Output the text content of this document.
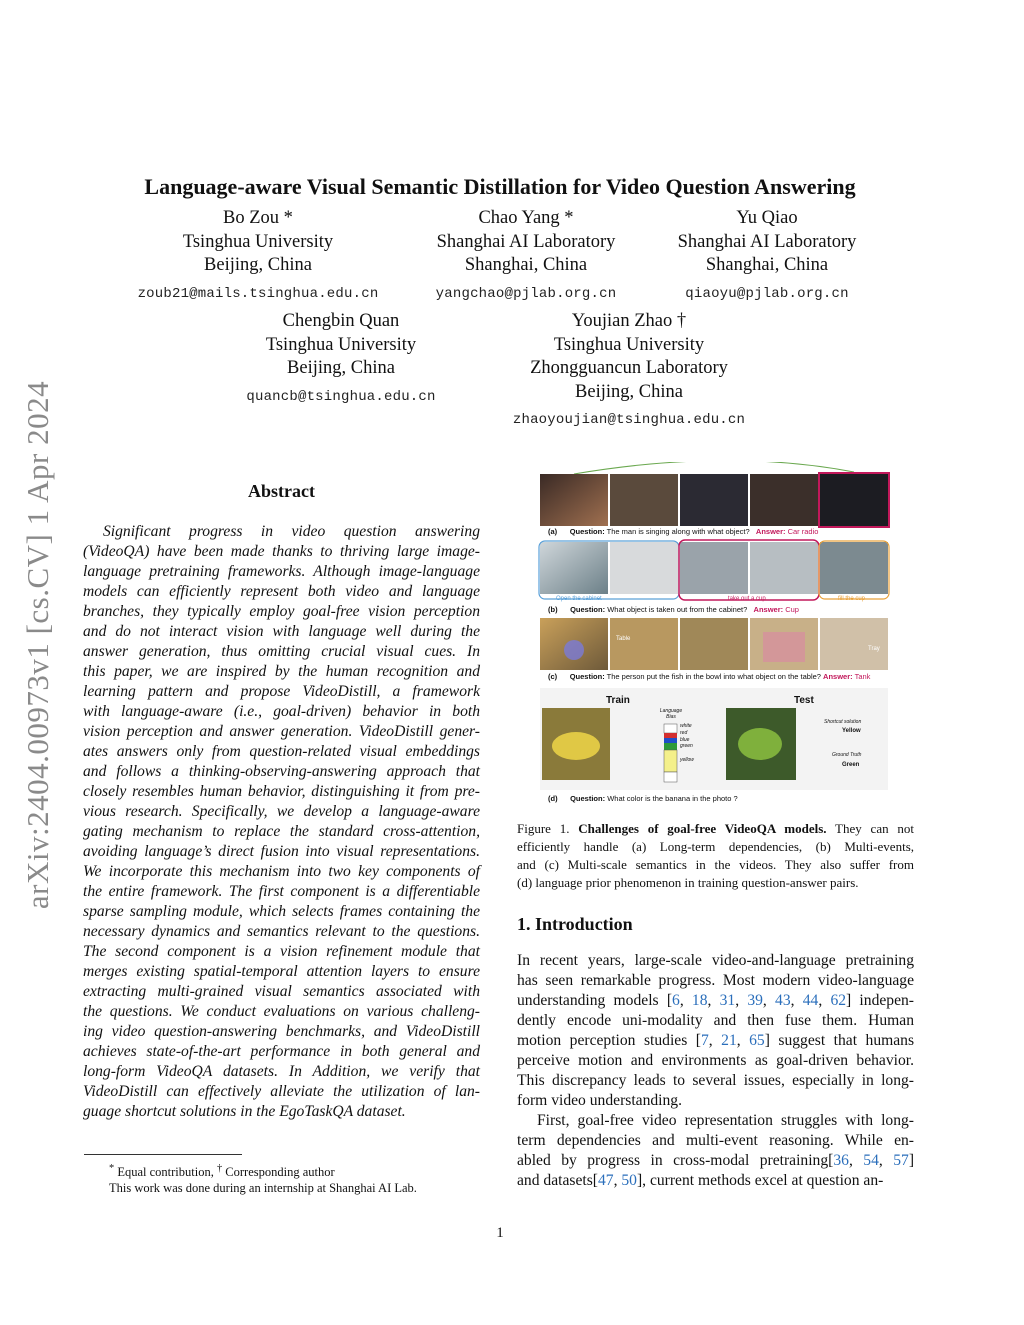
arXiv:2404.00973v1 [cs.CV] 1 Apr 2024
Language-aware Visual Semantic Distillation for Video Question Answering
Bo Zou *
Tsinghua University
Beijing, China
zoub21@mails.tsinghua.edu.cn
Chao Yang *
Shanghai AI Laboratory
Shanghai, China
yangchao@pjlab.org.cn
Yu Qiao
Shanghai AI Laboratory
Shanghai, China
qiaoyu@pjlab.org.cn
Chengbin Quan
Tsinghua University
Beijing, China
quancb@tsinghua.edu.cn
Youjian Zhao †
Tsinghua University
Zhongguancun Laboratory
Beijing, China
zhaoyoujian@tsinghua.edu.cn
Abstract
Significant progress in video question answering
(VideoQA) have been made thanks to thriving large image-
language pretraining frameworks. Although image-language
models can efficiently represent both video and language
branches, they typically employ goal-free vision perception
and do not interact vision with language well during the
answer generation, thus omitting crucial visual cues. In
this paper, we are inspired by the human recognition and
learning pattern and propose VideoDistill, a framework
with language-aware (i.e., goal-driven) behavior in both
vision perception and answer generation. VideoDistill gener-
ates answers only from question-related visual embeddings
and follows a thinking-observing-answering approach that
closely resembles human behavior, distinguishing it from pre-
vious research. Specifically, we develop a language-aware
gating mechanism to replace the standard cross-attention,
avoiding language’s direct fusion into visual representations.
We incorporate this mechanism into two key components of
the entire framework. The first component is a differentiable
sparse sampling module, which selects frames containing the
necessary dynamics and semantics relevant to the questions.
The second component is a vision refinement module that
merges existing spatial-temporal attention layers to ensure
extracting multi-grained visual semantics associated with
the questions. We conduct evaluations on various challeng-
ing video question-answering benchmarks, and VideoDistill
achieves state-of-the-art performance in both general and
long-form VideoQA datasets. In Addition, we verify that
VideoDistill can effectively alleviate the utilization of lan-
guage shortcut solutions in the EgoTaskQA dataset.
* Equal contribution, † Corresponding author
This work was done during an internship at Shanghai AI Lab.
(a) Question: The man is singing along with what object? Answer: Car radio
Open the cabinet	take out a cup	fill the cup
(b) Question: What object is taken out from the cabinet? Answer: Cup
Table
Tray
(c) Question: The person put the fish in the bowl into what object on the table? Answer: Tank
Train	Test
Language Bias
white
red
blue
green
yellow
Shortcut solution
Yellow
Ground Truth
Green
(d) Question: What color is the banana in the photo ?
Figure 1. Challenges of goal-free VideoQA models. They can not
efficiently handle (a) Long-term dependencies, (b) Multi-events,
and (c) Multi-scale semantics in the videos. They also suffer from
(d) language prior phenomenon in training question-answer pairs.
1. Introduction
In recent years, large-scale video-and-language pretraining
has seen remarkable progress. Most modern video-language
understanding models [6, 18, 31, 39, 43, 44, 62] indepen-
dently encode uni-modality and then fuse them. Human
motion perception studies [7, 21, 65] suggest that humans
perceive motion and environments as goal-driven behavior.
This discrepancy leads to several issues, especially in long-
form video understanding.
First, goal-free video representation struggles with long-
term dependencies and multi-event reasoning. While en-
abled by progress in cross-modal pretraining[36, 54, 57]
and datasets[47, 50], current methods excel at question an-
1
